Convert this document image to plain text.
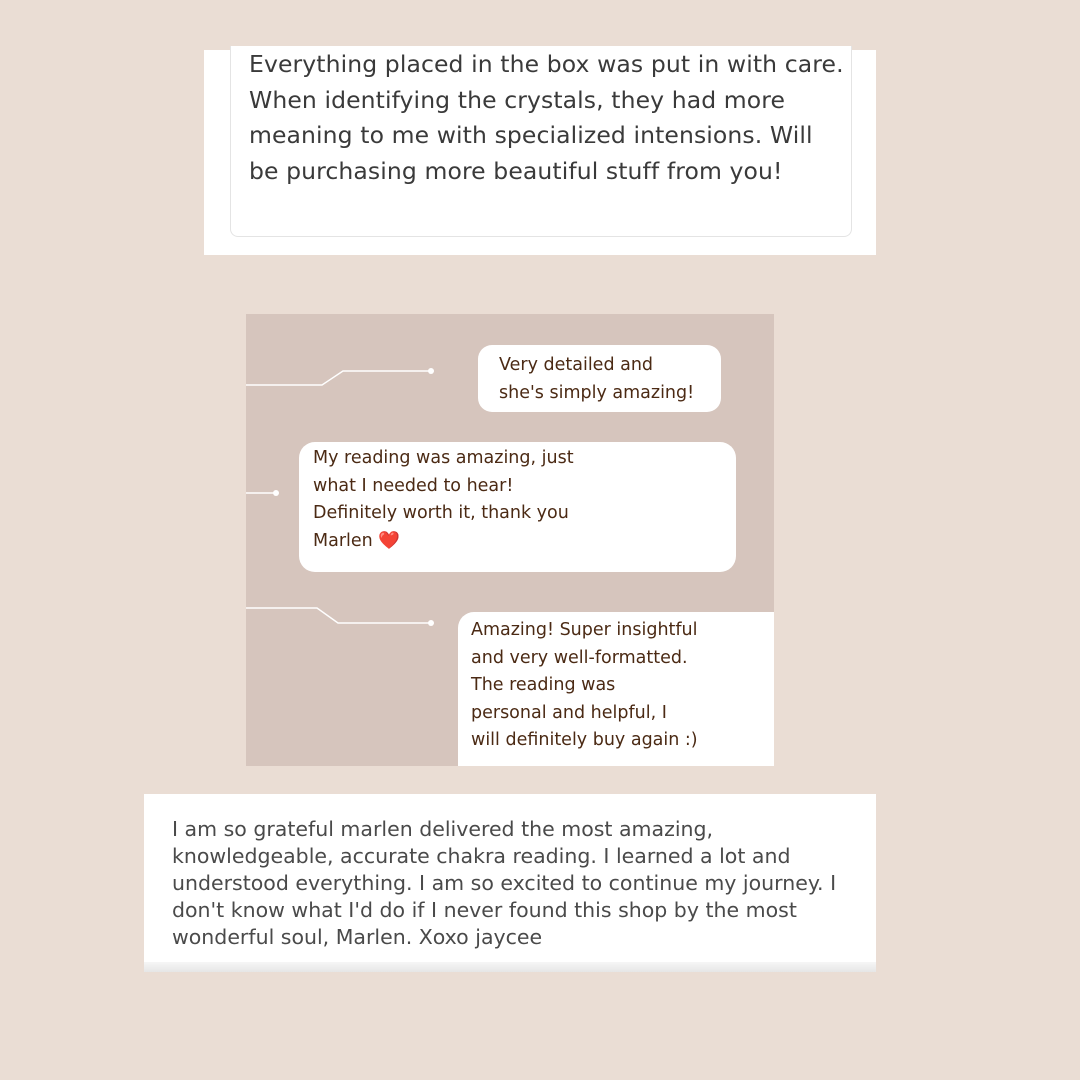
Everything placed in the box was put in with care. When identifying the crystals, they had more meaning to me with specialized intensions. Will be purchasing more beautiful stuff from you!

Very detailed and
she's simply amazing!
My reading was amazing, just
what I needed to hear!
Definitely worth it, thank you
Marlen ❤️
Amazing! Super insightful
and very well-formatted.
The reading was
personal and helpful, I
will definitely buy again :)

I am so grateful marlen delivered the most amazing, knowledgeable, accurate chakra reading. I learned a lot and understood everything. I am so excited to continue my journey. I don't know what I'd do if I never found this shop by the most wonderful soul, Marlen. Xoxo jaycee
